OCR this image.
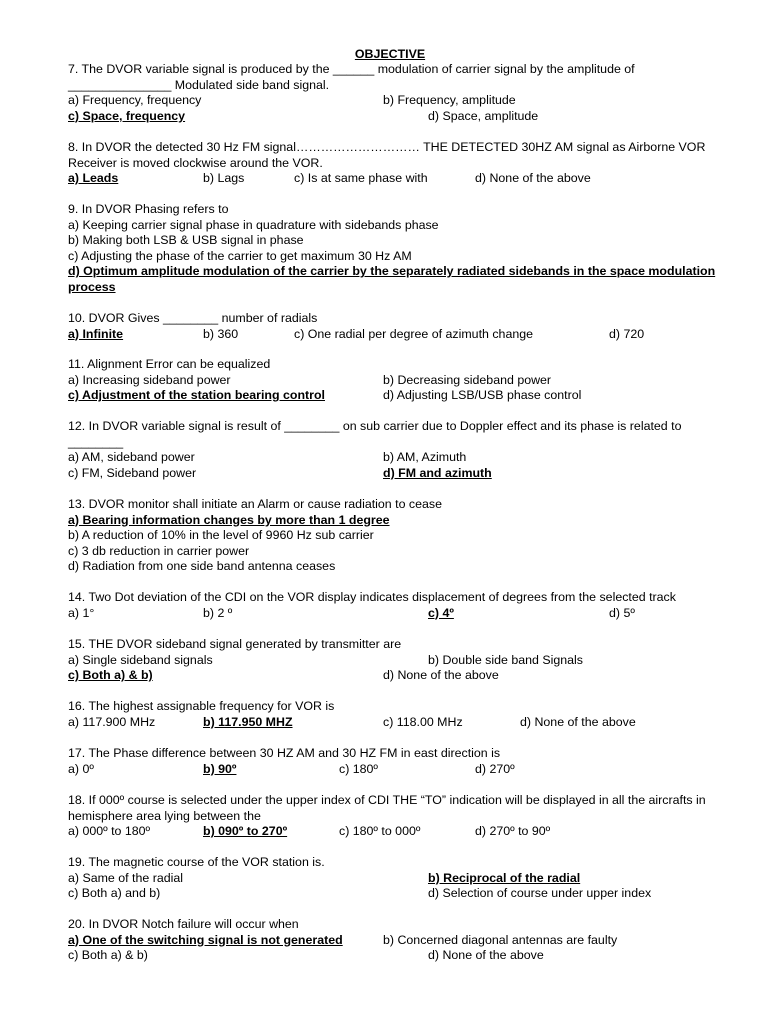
OBJECTIVE
7. The DVOR variable signal is produced by the ______ modulation of carrier signal by the amplitude of _______________ Modulated side band signal.
a) Frequency, frequency	b) Frequency, amplitude
c) Space, frequency	d) Space, amplitude
8. In DVOR the detected 30 Hz FM signal………………………… THE DETECTED 30HZ AM signal as Airborne VOR Receiver is moved clockwise around the VOR.
a) Leads	b) Lags	c) Is at same phase with	d) None of the above
9. In DVOR Phasing refers to
a) Keeping carrier signal phase in quadrature with sidebands phase
b) Making both LSB & USB signal in phase
c) Adjusting the phase of the carrier to get maximum 30 Hz AM
d) Optimum amplitude modulation of the carrier by the separately radiated sidebands in the space modulation process
10. DVOR Gives ________ number of radials
a) Infinite	b) 360	c) One radial per degree of azimuth change	d) 720
11. Alignment Error can be equalized
a) Increasing sideband power	b) Decreasing sideband power
c) Adjustment of the station bearing control	d) Adjusting LSB/USB phase control
12. In DVOR variable signal is result of ________ on sub carrier due to Doppler effect and its phase is related to ________
a) AM, sideband power	b) AM, Azimuth
c) FM, Sideband power	d) FM and azimuth
13. DVOR monitor shall initiate an Alarm or cause radiation to cease
a) Bearing information changes by more than 1 degree
b) A reduction of 10% in the level of 9960 Hz sub carrier
c) 3 db reduction in carrier power
d) Radiation from one side band antenna ceases
14. Two Dot deviation of the CDI on the VOR display indicates displacement of degrees from the selected track
a) 1°	b) 2 º	c) 4º	d) 5º
15. THE DVOR sideband signal generated by transmitter are
a) Single sideband signals	b) Double side band Signals
c) Both a) & b)	d) None of the above
16. The highest assignable frequency for VOR is
a) 117.900 MHz	b) 117.950 MHZ	c) 118.00 MHz	d) None of the above
17. The Phase difference between 30 HZ AM and 30 HZ FM in east direction is
a) 0º	b) 90º	c) 180º	d) 270º
18. If 000º course is selected under the upper index of CDI THE “TO” indication will be displayed in all the aircrafts in hemisphere area lying between the
a) 000º to 180º	b) 090º to 270º	c) 180º to 000º	d) 270º to 90º
19. The magnetic course of the VOR station is.
a) Same of the radial	b) Reciprocal of the radial
c) Both a) and b)	d) Selection of course under upper index
20. In DVOR Notch failure will occur when
a) One of the switching signal is not generated	b) Concerned diagonal antennas are faulty
c) Both a) & b)	d) None of the above
